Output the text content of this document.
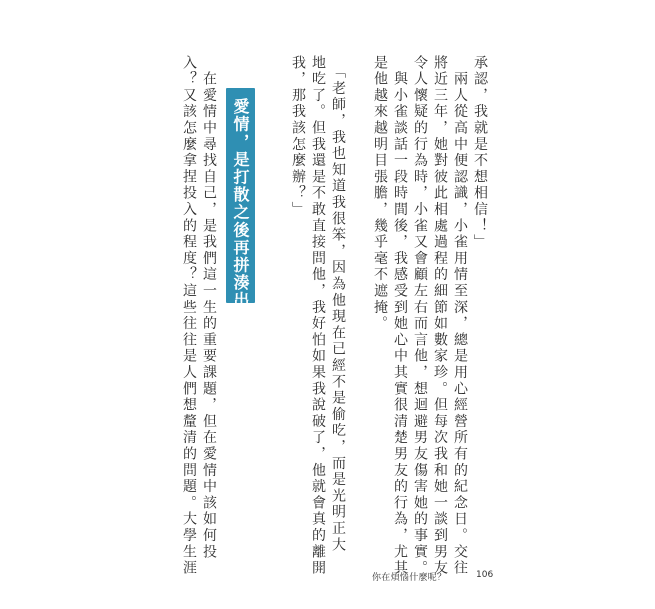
承認，我就是不想相信！」
　兩人從高中便認識，小雀用情至深，總是用心經營所有的紀念日。交往
將近三年，她對彼此相處過程的細節如數家珍。但每次我和她一談到男友
令人懷疑的行為時，小雀又會顧左右而言他，想迴避男友傷害她的事實。
　與小雀談話一段時間後，我感受到她心中其實很清楚男友的行為，尤其
是他越來越明目張膽，幾乎毫不遮掩。
　「老師，我也知道我很笨，因為他現在已經不是偷吃，而是光明正大
地吃了。但我還是不敢直接問他，我好怕如果我說破了，他就會真的離開
我，那我該怎麼辦？」
愛情，是打散之後再拼湊出自己
　在愛情中尋找自己，是我們這一生的重要課題，但在愛情中該如何投
入？又該怎麼拿捏投入的程度？這些往往是人們想釐清的問題。大學生涯
你在煩惱什麼呢？	106
